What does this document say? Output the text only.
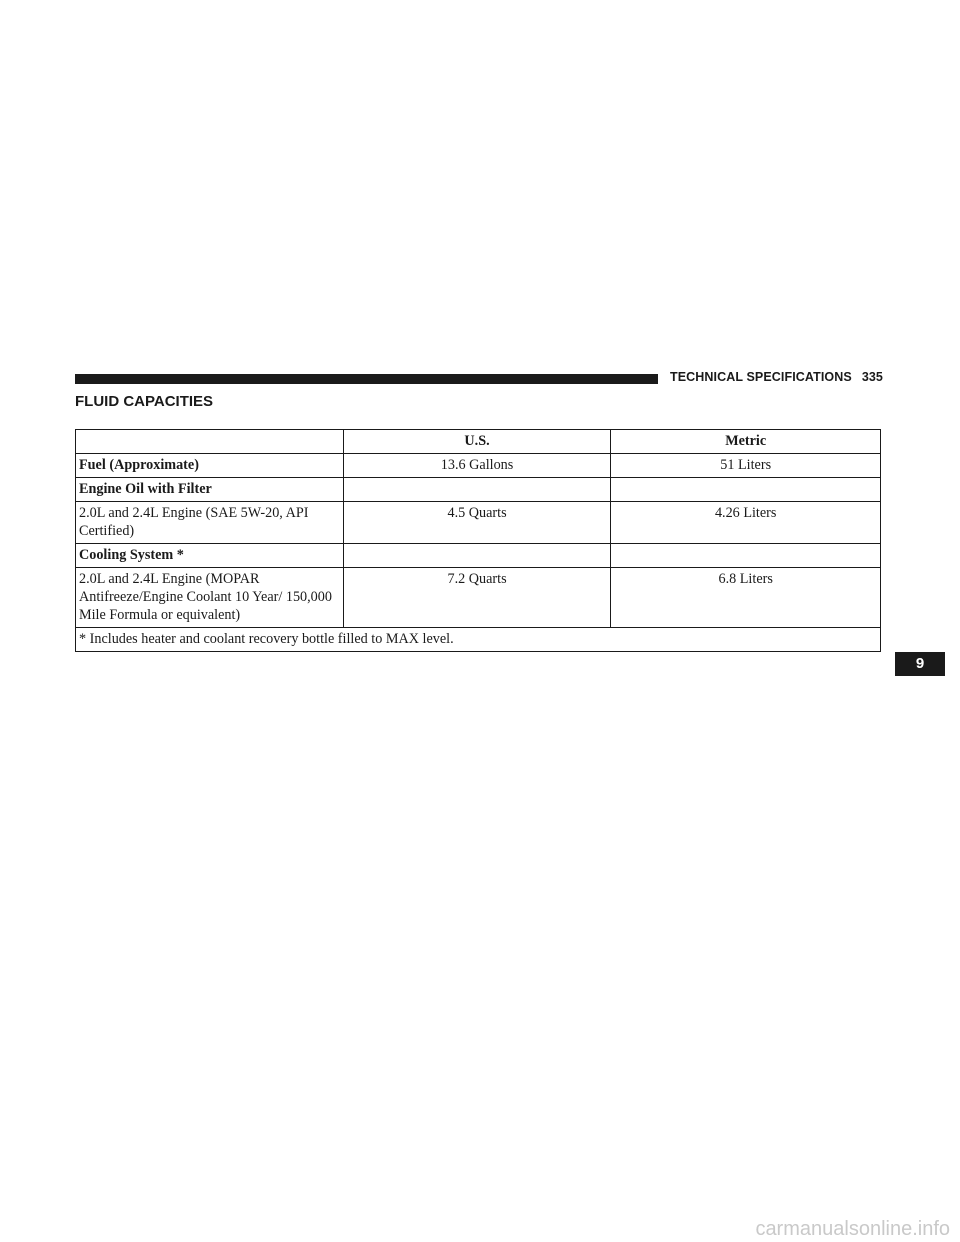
TECHNICAL SPECIFICATIONS 335
FLUID CAPACITIES
	U.S.	Metric
Fuel (Approximate)	13.6 Gallons	51 Liters
Engine Oil with Filter		
2.0L and 2.4L Engine (SAE 5W-20, API Certified)	4.5 Quarts	4.26 Liters
Cooling System *		
2.0L and 2.4L Engine (MOPAR Antifreeze/Engine Coolant 10 Year/ 150,000 Mile Formula or equivalent)	7.2 Quarts	6.8 Liters
* Includes heater and coolant recovery bottle filled to MAX level.		
9
carmanualsonline.info
